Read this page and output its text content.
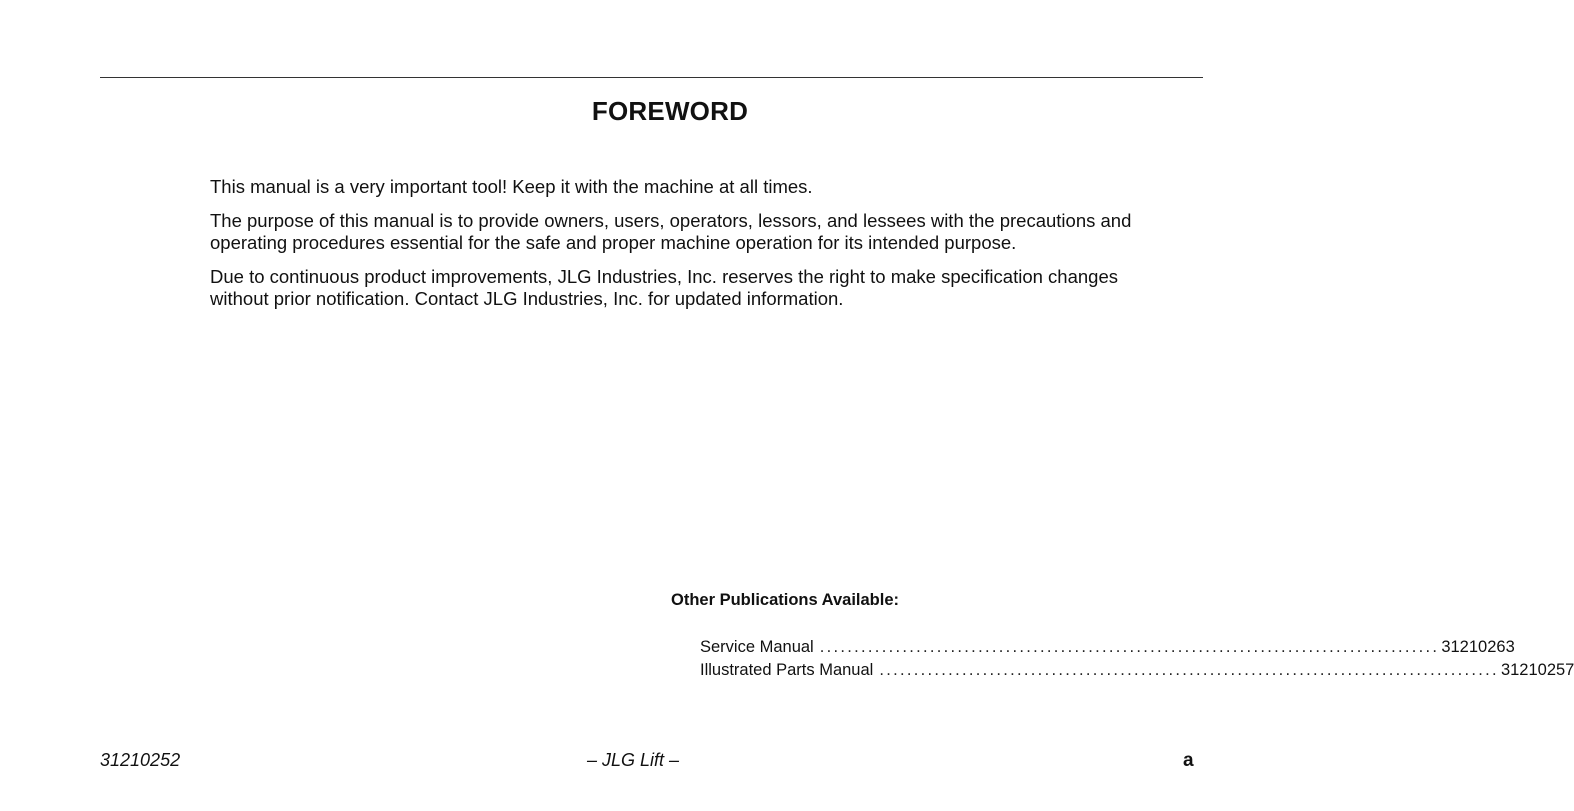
FOREWORD

This manual is a very important tool! Keep it with the machine at all times.

The purpose of this manual is to provide owners, users, operators, lessors, and lessees with the precautions and operating procedures essential for the safe and proper machine operation for its intended purpose.

Due to continuous product improvements, JLG Industries, Inc. reserves the right to make specification changes without prior notification. Contact JLG Industries, Inc. for updated information.

Other Publications Available:
Service Manual .......................................................................................... 31210263
Illustrated Parts Manual .......................................................................................... 31210257
31210252	– JLG Lift –	a
